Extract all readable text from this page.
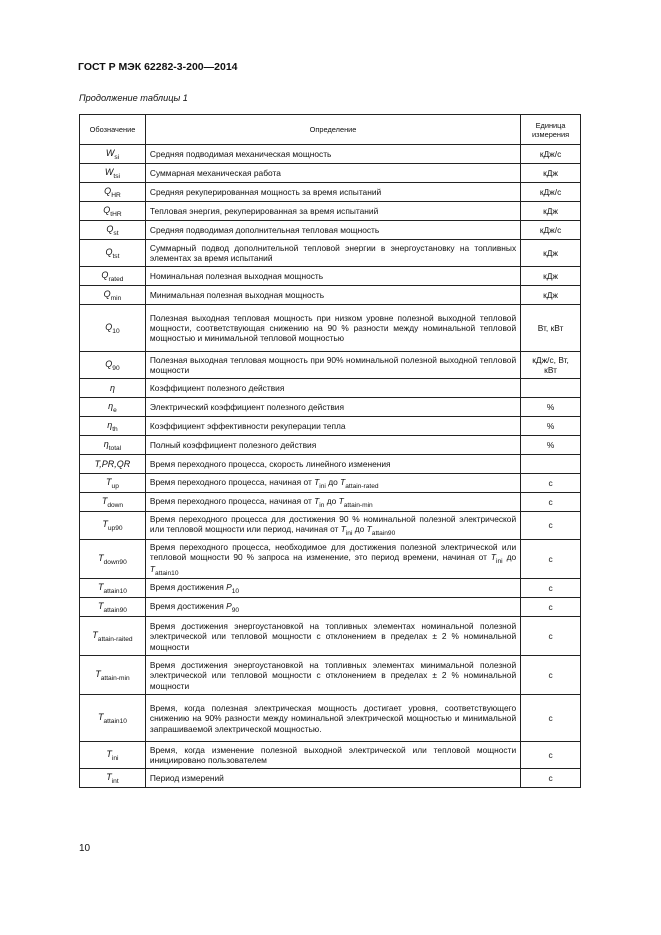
ГОСТ Р МЭК 62282-3-200—2014
Продолжение таблицы 1
Обозначение	Определение	Единица измерения
$W_{si}$	Средняя подводимая механическая мощность	кДж/с
$W_{tsi}$	Суммарная механическая работа	кДж
$Q_{HR}$	Средняя рекуперированная мощность за время испытаний	кДж/с
$Q_{tHR}$	Тепловая энергия, рекуперированная за время испытаний	кДж
$Q_{st}$	Средняя подводимая дополнительная тепловая мощность	кДж/с
$Q_{tst}$	Суммарный подвод дополнительной тепловой энергии в энергоустановку на топливных элементах за время испытаний	кДж
$Q_{rated}$	Номинальная полезная выходная мощность	кДж
$Q_{min}$	Минимальная полезная выходная мощность	кДж
$Q_{10}$	Полезная выходная тепловая мощность при низком уровне полезной выходной тепловой мощности, соответствующая снижению на 90 % разности между номинальной тепловой мощностью и минимальной тепловой мощностью	Вт, кВт
$Q_{90}$	Полезная выходная тепловая мощность при 90% номинальной полезной выходной тепловой мощности	кДж/с, Вт, кВт
η	Коэффициент полезного действия	
$\eta_e$	Электрический коэффициент полезного действия	%
$\eta_{th}$	Коэффициент эффективности рекуперации тепла	%
$\eta_{total}$	Полный коэффициент полезного действия	%
T,PR,QR	Время переходного процесса, скорость линейного изменения	
$T_{up}$	Время переходного процесса, начиная от $T_{ini}$ до $T_{attain-rated}$	с
$T_{down}$	Время переходного процесса, начиная от $T_{in}$ до $T_{attain-min}$	с
$T_{up90}$	Время переходного процесса для достижения 90 % номинальной полезной электрической или тепловой мощности или период, начиная от $T_{ini}$ до $T_{attain90}$	с
$T_{down90}$	Время переходного процесса, необходимое для достижения полезной электрической или тепловой мощности 90 % запроса на изменение, это период времени, начиная от $T_{ini}$ до $T_{attain10}$	с
$T_{attain10}$	Время достижения $P_{10}$	с
$T_{attain90}$	Время достижения $P_{90}$	с
$T_{attain-raited}$	Время достижения энергоустановкой на топливных элементах номинальной полезной электрической или тепловой мощности с отклонением в пределах ± 2 % номинальной мощности	с
$T_{attain-min}$	Время достижения энергоустановкой на топливных элементах минимальной полезной электрической или тепловой мощности с отклонением в пределах ± 2 % номинальной мощности	с
$T_{attain10}$	Время, когда полезная электрическая мощность достигает уровня, соответствующего снижению на 90% разности между номинальной электрической мощностью и минимальной запрашиваемой электрической мощностью.	с
$T_{ini}$	Время, когда изменение полезной выходной электрической или тепловой мощности инициировано пользователем	с
$T_{int}$	Период измерений	с
10
